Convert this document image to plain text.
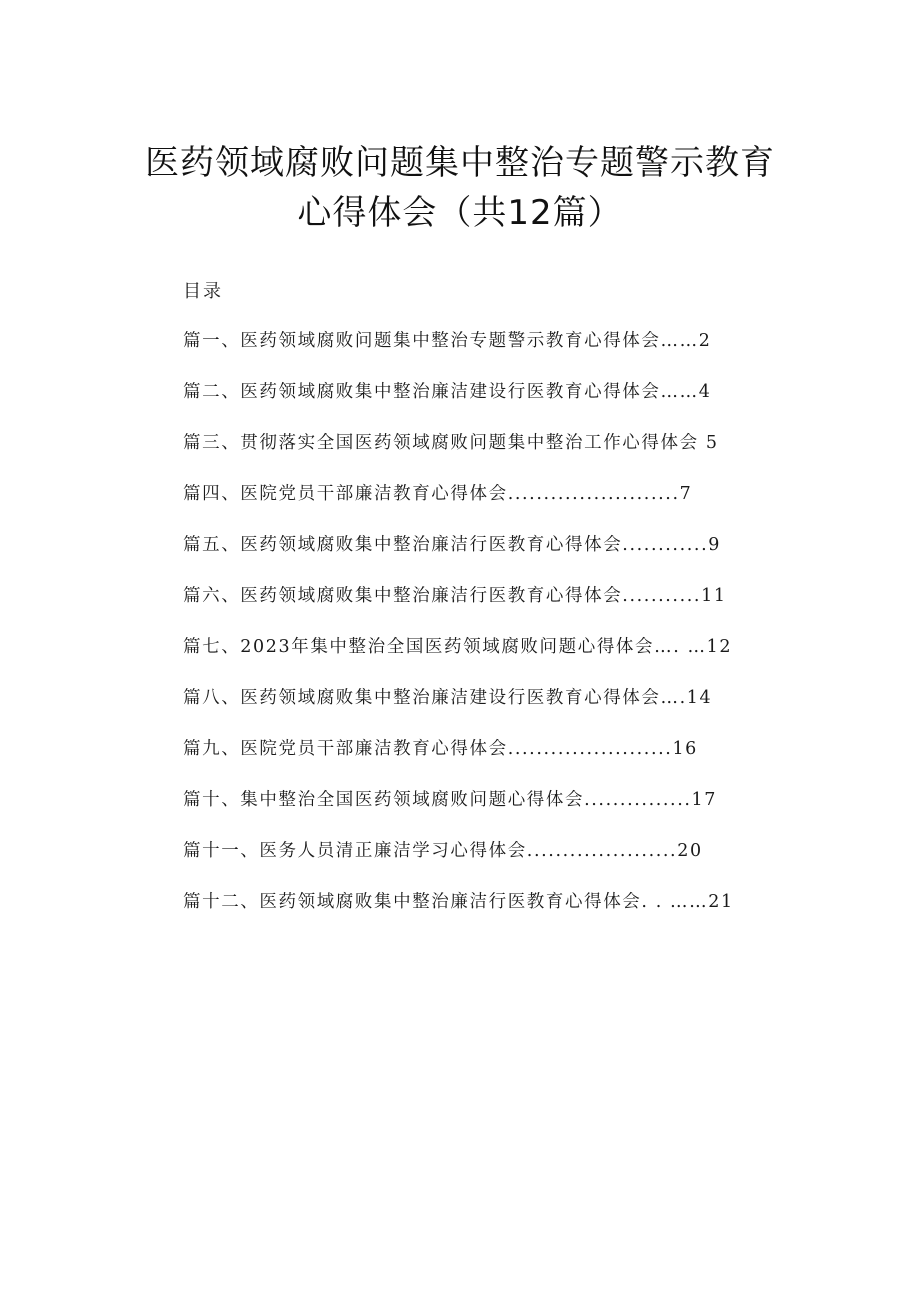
医药领域腐败问题集中整治专题警示教育
心得体会（共12篇）
目录
篇一、医药领域腐败问题集中整治专题警示教育心得体会……2
篇二、医药领域腐败集中整治廉洁建设行医教育心得体会……4
篇三、贯彻落实全国医药领域腐败问题集中整治工作心得体会 5
篇四、医院党员干部廉洁教育心得体会........................7
篇五、医药领域腐败集中整治廉洁行医教育心得体会............9
篇六、医药领域腐败集中整治廉洁行医教育心得体会...........11
篇七、2023年集中整治全国医药领域腐败问题心得体会…. …12
篇八、医药领域腐败集中整治廉洁建设行医教育心得体会….14
篇九、医院党员干部廉洁教育心得体会.......................16
篇十、集中整治全国医药领域腐败问题心得体会...............17
篇十一、医务人员清正廉洁学习心得体会.....................20
篇十二、医药领域腐败集中整治廉洁行医教育心得体会. . ……21
